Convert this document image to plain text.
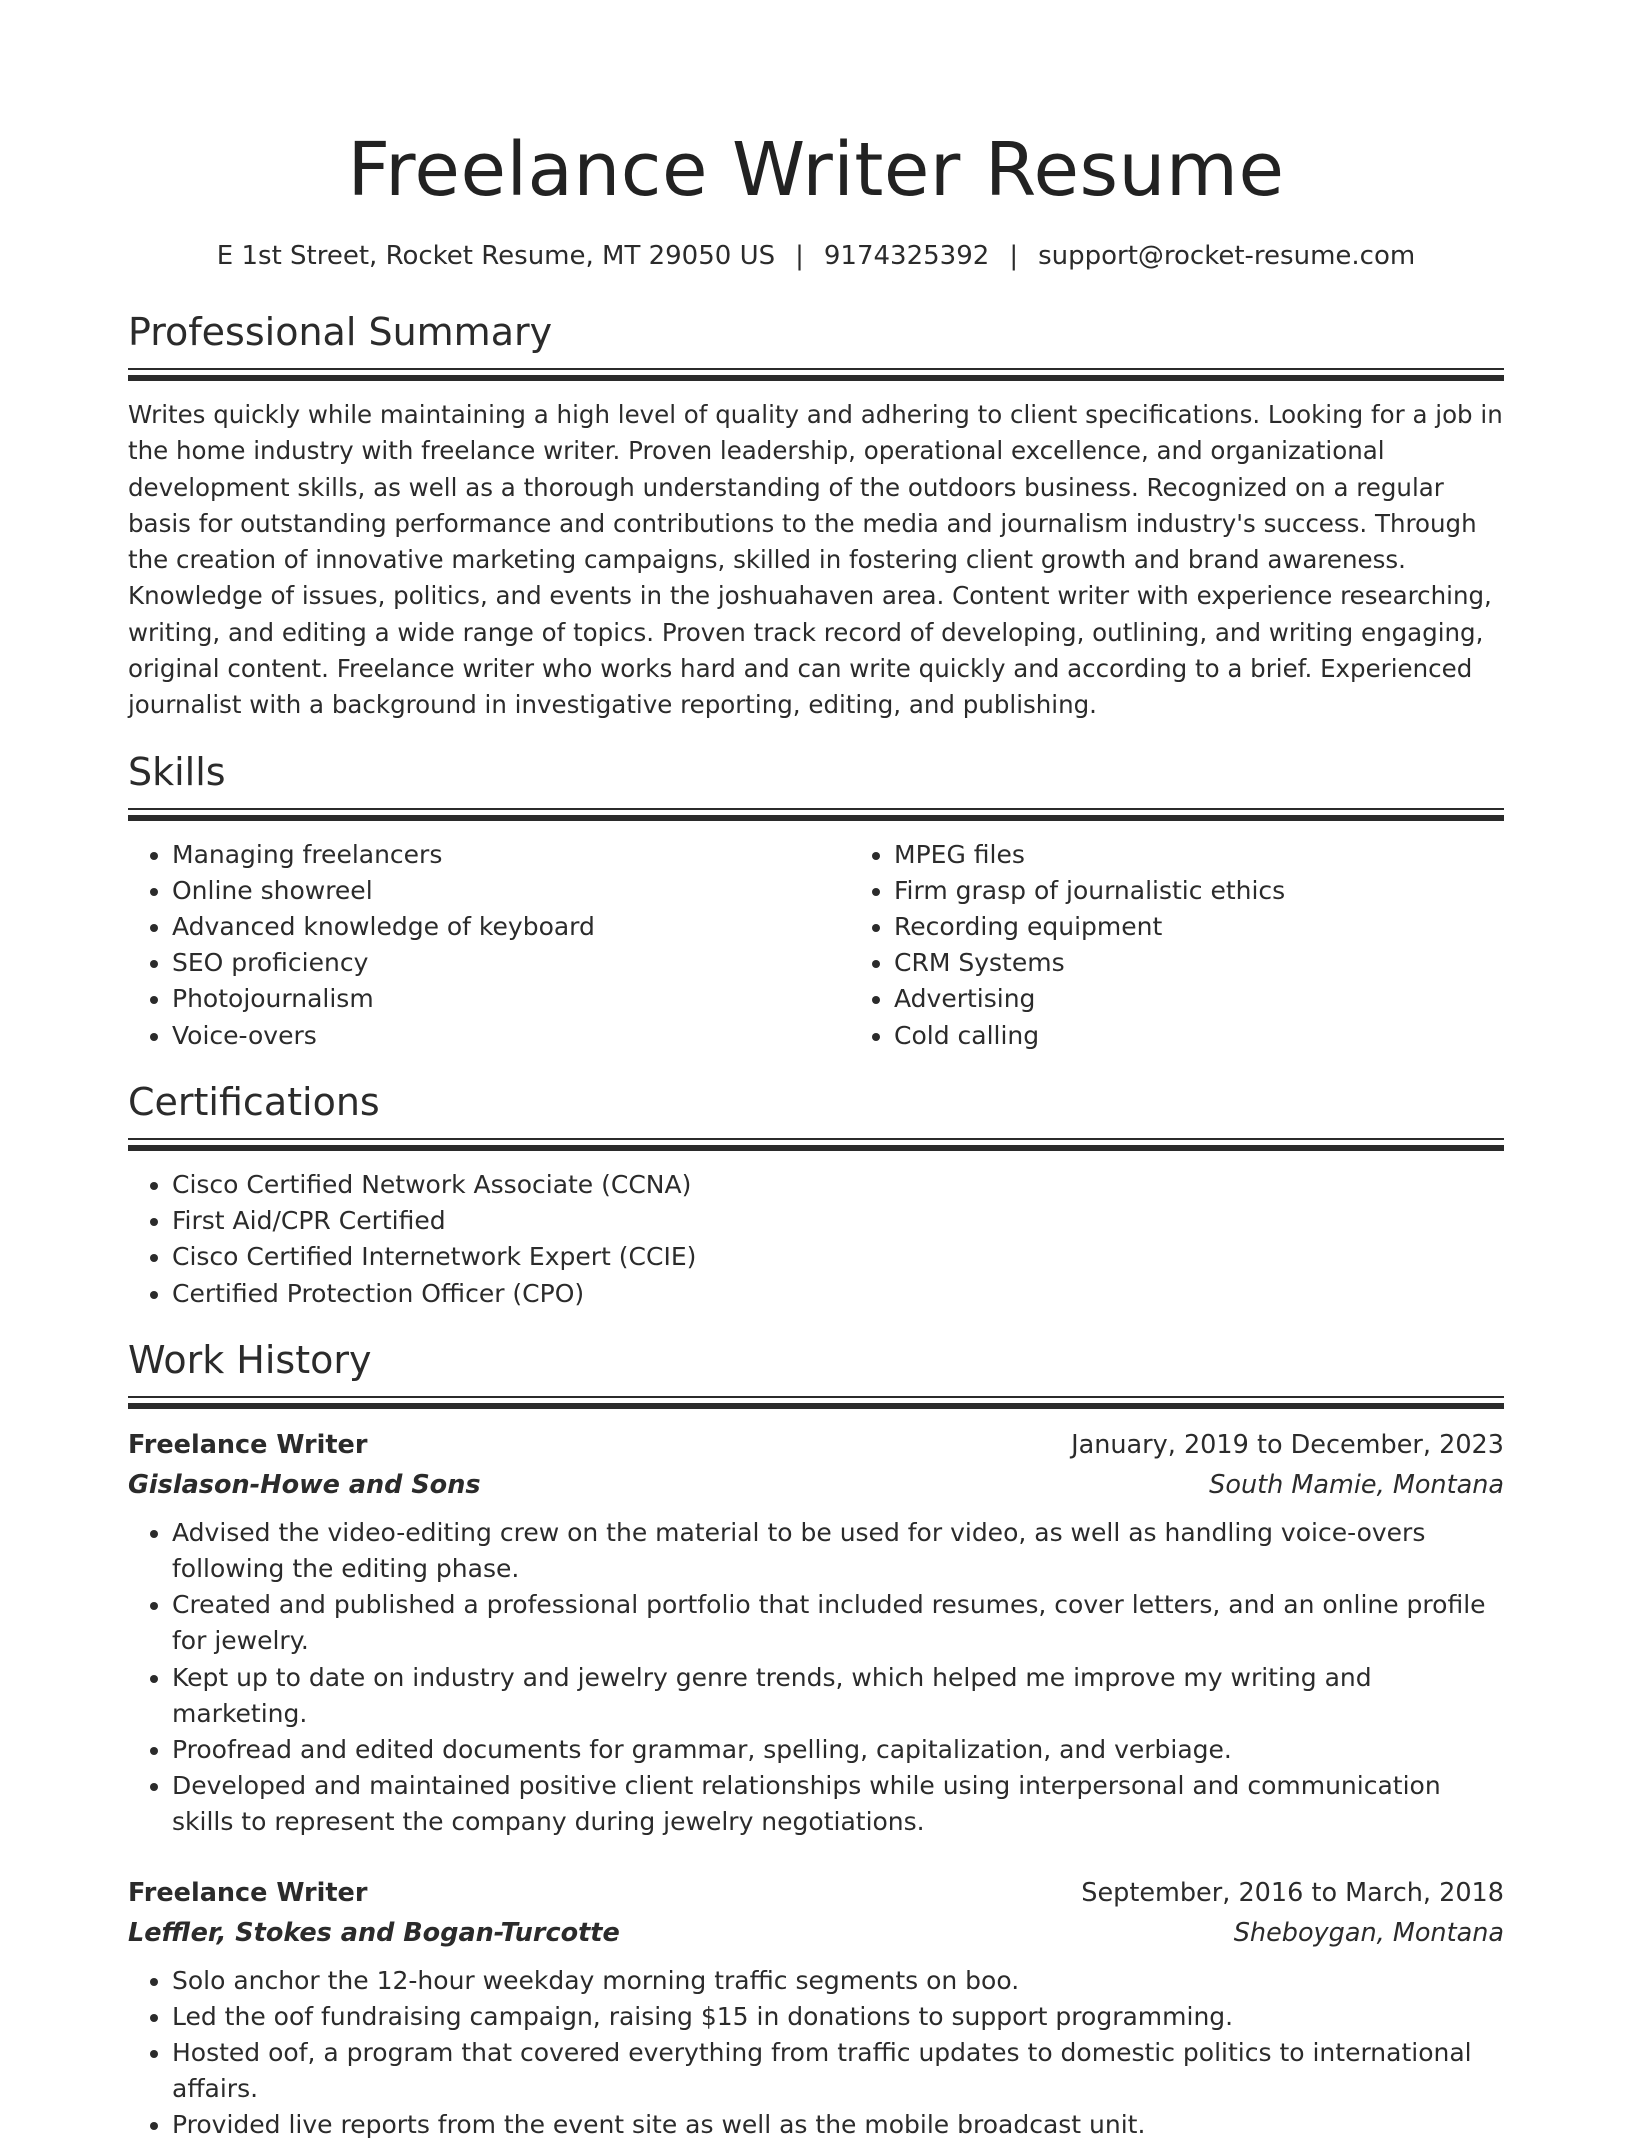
Freelance Writer Resume
E 1st Street, Rocket Resume, MT 29050 US | 9174325392 | support@rocket-resume.com
Professional Summary

Writes quickly while maintaining a high level of quality and adhering to client specifications. Looking for a job in the home industry with freelance writer. Proven leadership, operational excellence, and organizational development skills, as well as a thorough understanding of the outdoors business. Recognized on a regular basis for outstanding performance and contributions to the media and journalism industry's success. Through the creation of innovative marketing campaigns, skilled in fostering client growth and brand awareness. Knowledge of issues, politics, and events in the joshuahaven area. Content writer with experience researching, writing, and editing a wide range of topics. Proven track record of developing, outlining, and writing engaging, original content. Freelance writer who works hard and can write quickly and according to a brief. Experienced journalist with a background in investigative reporting, editing, and publishing.

Skills
• Managing freelancers
• Online showreel
• Advanced knowledge of keyboard
• SEO proficiency
• Photojournalism
• Voice-overs
• MPEG files
• Firm grasp of journalistic ethics
• Recording equipment
• CRM Systems
• Advertising
• Cold calling
Certifications
• Cisco Certified Network Associate (CCNA)
• First Aid/CPR Certified
• Cisco Certified Internetwork Expert (CCIE)
• Certified Protection Officer (CPO)
Work History
Freelance Writer	January, 2019 to December, 2023
Gislason-Howe and Sons	South Mamie, Montana
• Advised the video-editing crew on the material to be used for video, as well as handling voice-overs following the editing phase.
• Created and published a professional portfolio that included resumes, cover letters, and an online profile for jewelry.
• Kept up to date on industry and jewelry genre trends, which helped me improve my writing and marketing.
• Proofread and edited documents for grammar, spelling, capitalization, and verbiage.
• Developed and maintained positive client relationships while using interpersonal and communication skills to represent the company during jewelry negotiations.
Freelance Writer	September, 2016 to March, 2018
Leffler, Stokes and Bogan-Turcotte	Sheboygan, Montana
• Solo anchor the 12-hour weekday morning traffic segments on boo.
• Led the oof fundraising campaign, raising $15 in donations to support programming.
• Hosted oof, a program that covered everything from traffic updates to domestic politics to international affairs.
• Provided live reports from the event site as well as the mobile broadcast unit.
